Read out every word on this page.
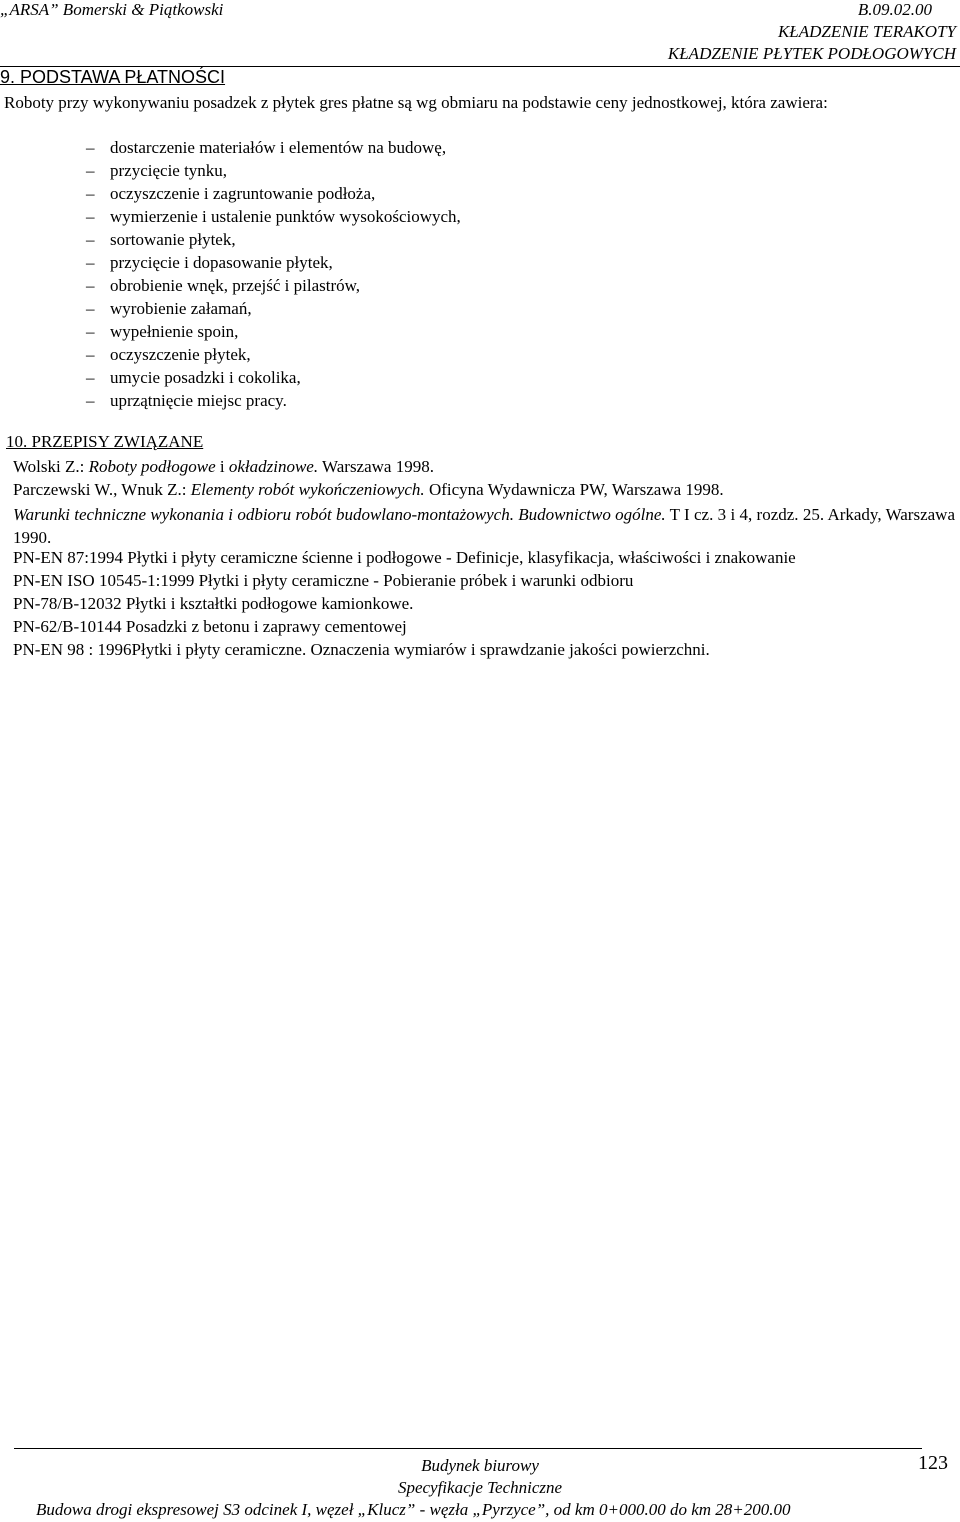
„ARSA” Bomerski & Piątkowski	B.09.02.00
KŁADZENIE TERAKOTY
KŁADZENIE PŁYTEK PODŁOGOWYCH
9. PODSTAWA PŁATNOŚCI
Roboty przy wykonywaniu posadzek z płytek gres płatne są wg obmiaru na podstawie ceny jednostkowej, która zawiera:
– dostarczenie materiałów i elementów na budowę,
– przycięcie tynku,
– oczyszczenie i zagruntowanie podłoża,
– wymierzenie i ustalenie punktów wysokościowych,
– sortowanie płytek,
– przycięcie i dopasowanie płytek,
– obrobienie wnęk, przejść i pilastrów,
– wyrobienie załamań,
– wypełnienie spoin,
– oczyszczenie płytek,
– umycie posadzki i cokolika,
– uprzątnięcie miejsc pracy.
10. PRZEPISY ZWIĄZANE
Wolski Z.: Roboty podłogowe i okładzinowe. Warszawa 1998.
Parczewski W., Wnuk Z.: Elementy robót wykończeniowych. Oficyna Wydawnicza PW, Warszawa 1998.
Warunki techniczne wykonania i odbioru robót budowlano-montażowych. Budownictwo ogólne. T I cz. 3 i 4, rozdz. 25. Arkady, Warszawa 1990.
PN-EN 87:1994 Płytki i płyty ceramiczne ścienne i podłogowe - Definicje, klasyfikacja, właściwości i znakowanie
PN-EN ISO 10545-1:1999 Płytki i płyty ceramiczne - Pobieranie próbek i warunki odbioru
PN-78/B-12032 Płytki i kształtki podłogowe kamionkowe.
PN-62/B-10144 Posadzki z betonu i zaprawy cementowej
PN-EN 98 : 1996Płytki i płyty ceramiczne. Oznaczenia wymiarów i sprawdzanie jakości powierzchni.
Budynek biurowy
Specyfikacje Techniczne
Budowa drogi ekspresowej S3 odcinek I, węzeł „Klucz” - węzła „Pyrzyce”, od km 0+000.00 do km 28+200.00
123
